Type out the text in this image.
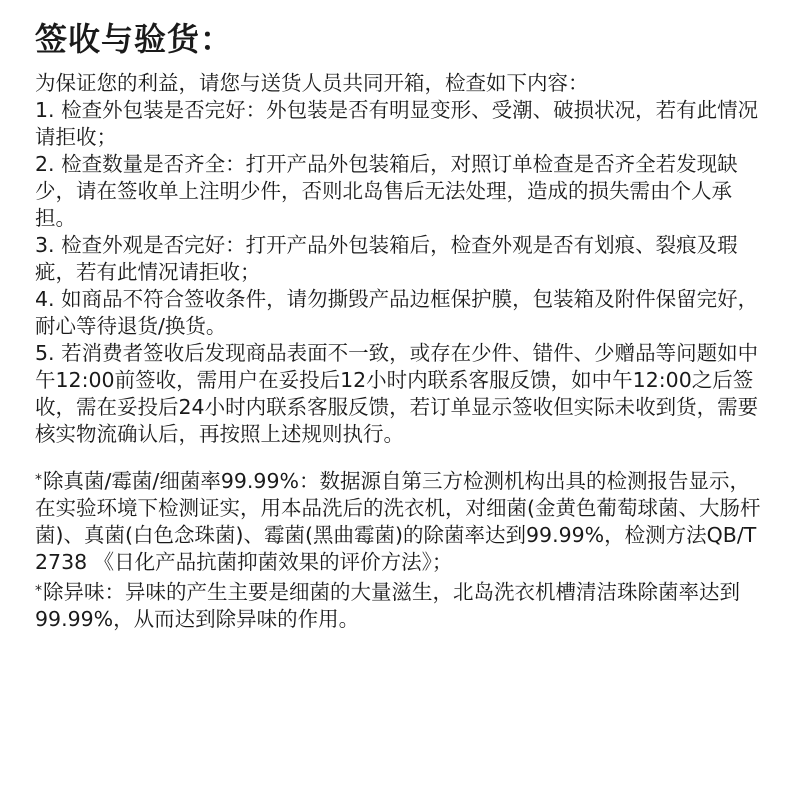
签收与验货：

为保证您的利益，请您与送货人员共同开箱，检查如下内容：

1. 检查外包装是否完好：外包装是否有明显变形、受潮、破损状况，若有此情况请拒收；

2. 检查数量是否齐全：打开产品外包装箱后，对照订单检查是否齐全若发现缺少，请在签收单上注明少件，否则北岛售后无法处理，造成的损失需由个人承担。

3. 检查外观是否完好：打开产品外包装箱后，检查外观是否有划痕、裂痕及瑕疵，若有此情况请拒收；

4. 如商品不符合签收条件，请勿撕毁产品边框保护膜，包装箱及附件保留完好，耐心等待退货/换货。

5. 若消费者签收后发现商品表面不一致，或存在少件、错件、少赠品等问题如中午12:00前签收，需用户在妥投后12小时内联系客服反馈，如中午12:00之后签收，需在妥投后24小时内联系客服反馈，若订单显示签收但实际未收到货，需要核实物流确认后，再按照上述规则执行。

*除真菌/霉菌/细菌率99.99%：数据源自第三方检测机构出具的检测报告显示，在实验环境下检测证实，用本品洗后的洗衣机，对细菌(金黄色葡萄球菌、大肠杆菌)、真菌(白色念珠菌)、霉菌(黑曲霉菌)的除菌率达到99.99%，检测方法QB/T 2738 《日化产品抗菌抑菌效果的评价方法》；

*除异味：异味的产生主要是细菌的大量滋生，北岛洗衣机槽清洁珠除菌率达到99.99%，从而达到除异味的作用。
